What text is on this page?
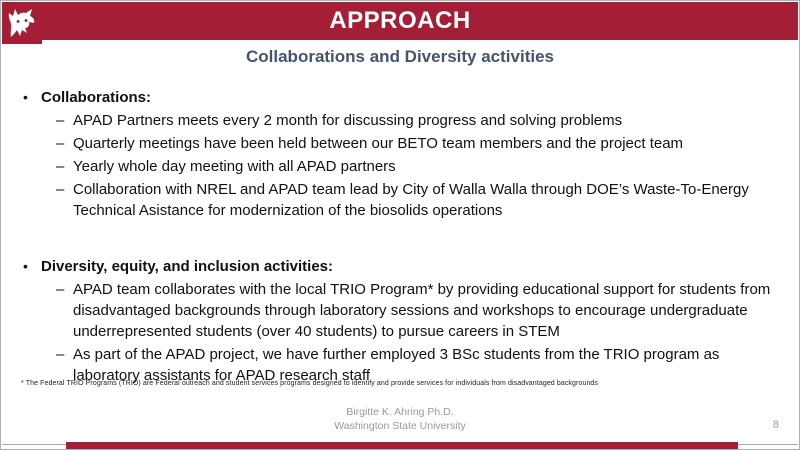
APPROACH
Collaborations and Diversity activities
•
Collaborations:
–
APAD Partners meets every 2 month for discussing progress and solving problems
–
Quarterly meetings have been held between our BETO team members and the project team
–
Yearly whole day meeting with all APAD partners
–
Collaboration with NREL and APAD team lead by City of Walla Walla through DOE’s Waste-To-Energy Technical Asistance for modernization of the biosolids operations
•
Diversity, equity, and inclusion activities:
–
APAD team collaborates with the local TRIO Program* by providing educational support for students from disadvantaged backgrounds through laboratory sessions and workshops to encourage undergraduate underrepresented students (over 40 students) to pursue careers in STEM
–
As part of the APAD project, we have further employed 3 BSc students from the TRIO program as laboratory assistants for APAD research staff
* The Federal TRIO Programs (TRIO) are Federal outreach and student services programs designed to identify and provide services for individuals from disadvantaged backgrounds
Birgitte K. Ahring Ph.D.
Washington State University	8
